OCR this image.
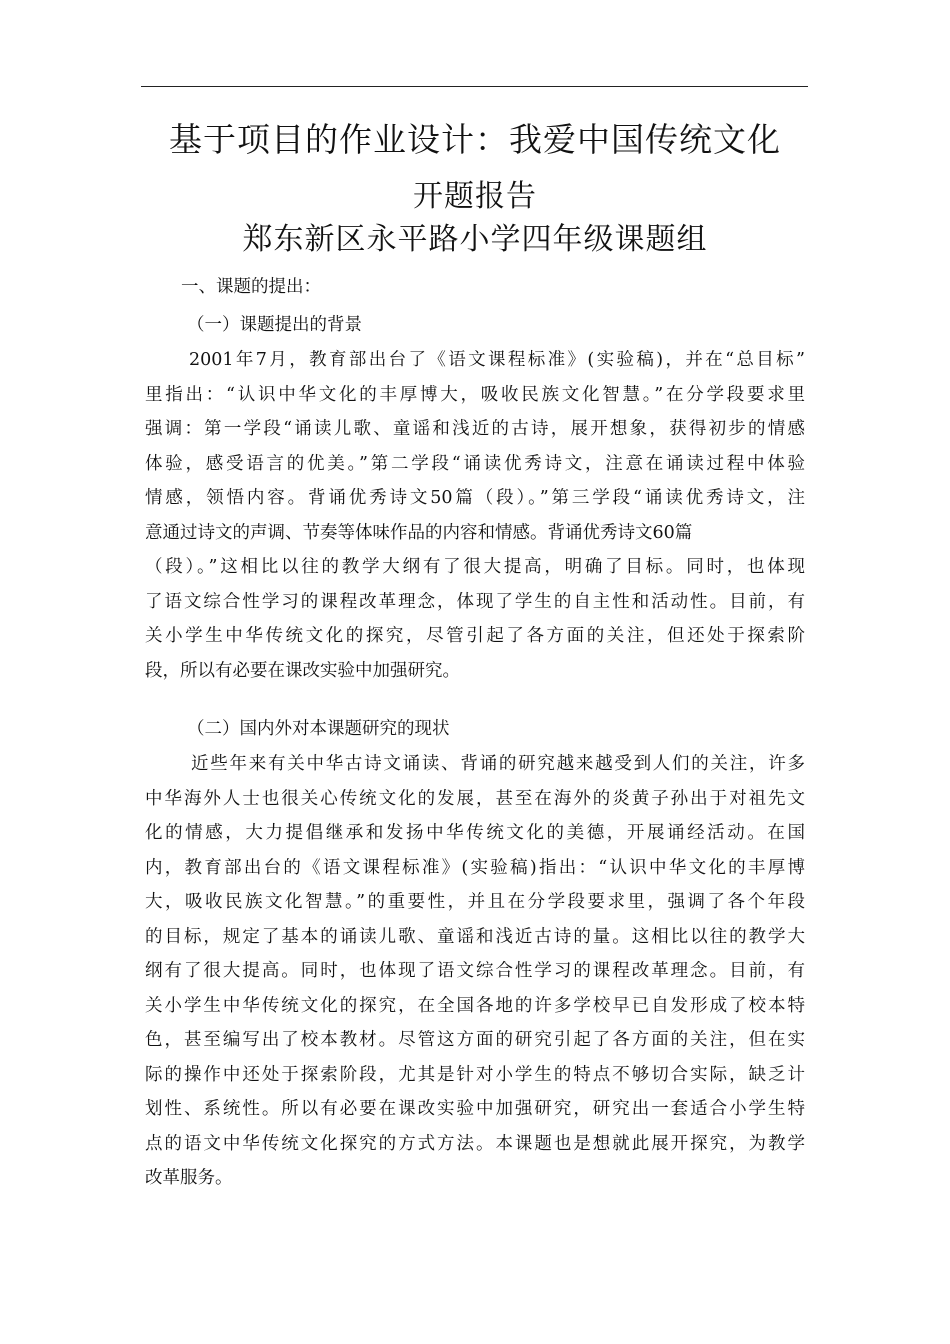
基于项目的作业设计：我爱中国传统文化
开题报告
郑东新区永平路小学四年级课题组

一、课题的提出：

（一）课题提出的背景

2001年7月，教育部出台了《语文课程标准》(实验稿)，并在“总目标”
里指出：“认识中华文化的丰厚博大，吸收民族文化智慧。”在分学段要求里
强调：第一学段“诵读儿歌、童谣和浅近的古诗，展开想象，获得初步的情感
体验，感受语言的优美。”第二学段“诵读优秀诗文，注意在诵读过程中体验
情感，领悟内容。背诵优秀诗文50篇（段）。”第三学段“诵读优秀诗文，注
意通过诗文的声调、节奏等体味作品的内容和情感。背诵优秀诗文60篇
（段）。”这相比以往的教学大纲有了很大提高，明确了目标。同时，也体现
了语文综合性学习的课程改革理念，体现了学生的自主性和活动性。目前，有
关小学生中华传统文化的探究，尽管引起了各方面的关注，但还处于探索阶
段，所以有必要在课改实验中加强研究。

（二）国内外对本课题研究的现状

近些年来有关中华古诗文诵读、背诵的研究越来越受到人们的关注，许多
中华海外人士也很关心传统文化的发展，甚至在海外的炎黄子孙出于对祖先文
化的情感，大力提倡继承和发扬中华传统文化的美德，开展诵经活动。在国
内，教育部出台的《语文课程标准》(实验稿)指出：“认识中华文化的丰厚博
大，吸收民族文化智慧。”的重要性，并且在分学段要求里，强调了各个年段
的目标，规定了基本的诵读儿歌、童谣和浅近古诗的量。这相比以往的教学大
纲有了很大提高。同时，也体现了语文综合性学习的课程改革理念。目前，有
关小学生中华传统文化的探究，在全国各地的许多学校早已自发形成了校本特
色，甚至编写出了校本教材。尽管这方面的研究引起了各方面的关注，但在实
际的操作中还处于探索阶段，尤其是针对小学生的特点不够切合实际，缺乏计
划性、系统性。所以有必要在课改实验中加强研究，研究出一套适合小学生特
点的语文中华传统文化探究的方式方法。本课题也是想就此展开探究，为教学
改革服务。
